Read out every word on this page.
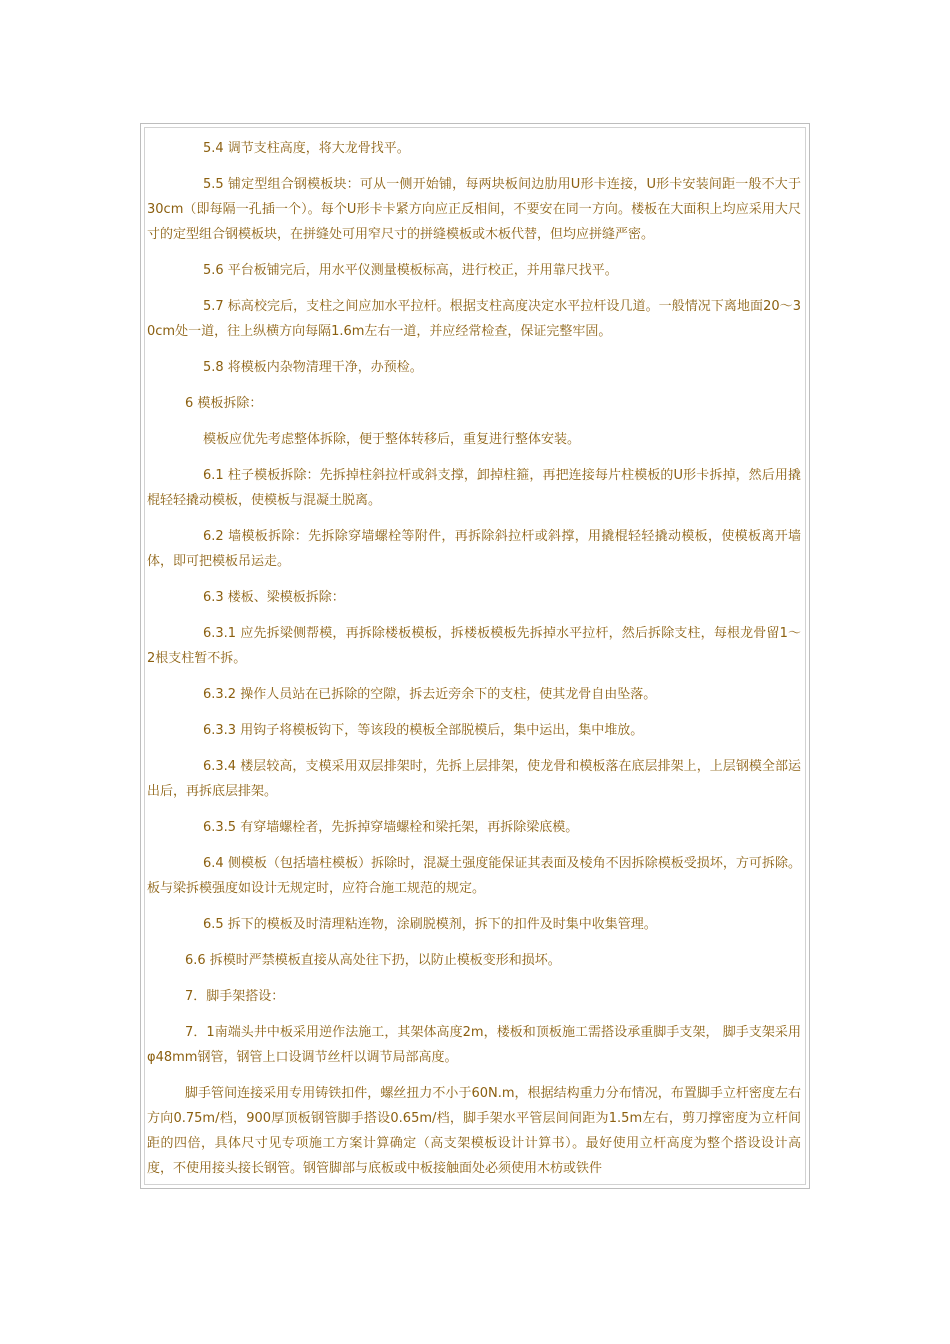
5.4 调节支柱高度，将大龙骨找平。

5.5 铺定型组合钢模板块：可从一侧开始铺，每两块板间边肋用U形卡连接，U形卡安装间距一般不大于30cm（即每隔一孔插一个）。每个U形卡卡紧方向应正反相间，不要安在同一方向。楼板在大面积上均应采用大尺寸的定型组合钢模板块，在拼缝处可用窄尺寸的拼缝模板或木板代替，但均应拼缝严密。

5.6 平台板铺完后，用水平仪测量模板标高，进行校正，并用靠尺找平。

5.7 标高校完后，支柱之间应加水平拉杆。根据支柱高度决定水平拉杆设几道。一般情况下离地面20～30cm处一道，往上纵横方向每隔1.6m左右一道，并应经常检查，保证完整牢固。

5.8 将模板内杂物清理干净，办预检。

6 模板拆除：

模板应优先考虑整体拆除，便于整体转移后，重复进行整体安装。

6.1 柱子模板拆除：先拆掉柱斜拉杆或斜支撑，卸掉柱箍，再把连接每片柱模板的U形卡拆掉，然后用撬棍轻轻撬动模板，使模板与混凝土脱离。

6.2 墙模板拆除：先拆除穿墙螺栓等附件，再拆除斜拉杆或斜撑，用撬棍轻轻撬动模板，使模板离开墙体，即可把模板吊运走。

6.3 楼板、梁模板拆除：

6.3.1 应先拆梁侧帮模，再拆除楼板模板，拆楼板模板先拆掉水平拉杆，然后拆除支柱，每根龙骨留1～2根支柱暂不拆。

6.3.2 操作人员站在已拆除的空隙，拆去近旁余下的支柱，使其龙骨自由坠落。

6.3.3 用钩子将模板钩下，等该段的模板全部脱模后，集中运出，集中堆放。

6.3.4 楼层较高，支模采用双层排架时，先拆上层排架，使龙骨和模板落在底层排架上，上层钢模全部运出后，再拆底层排架。

6.3.5 有穿墙螺栓者，先拆掉穿墙螺栓和梁托架，再拆除梁底模。

6.4 侧模板（包括墙柱模板）拆除时，混凝土强度能保证其表面及棱角不因拆除模板受损坏，方可拆除。板与梁拆模强度如设计无规定时，应符合施工规范的规定。

6.5 拆下的模板及时清理粘连物，涂刷脱模剂，拆下的扣件及时集中收集管理。

6.6 拆模时严禁模板直接从高处往下扔，以防止模板变形和损坏。

7．脚手架搭设：

7．1南端头井中板采用逆作法施工，其架体高度2m，楼板和顶板施工需搭设承重脚手支架， 脚手支架采用φ48mm钢管，钢管上口设调节丝杆以调节局部高度。

脚手管间连接采用专用铸铁扣件，螺丝扭力不小于60N.m，根据结构重力分布情况，布置脚手立杆密度左右方向0.75m/档，900厚顶板钢管脚手搭设0.65m/档，脚手架水平管层间间距为1.5m左右，剪刀撑密度为立杆间距的四倍，具体尺寸见专项施工方案计算确定（高支架模板设计计算书）。最好使用立杆高度为整个搭设设计高度，不使用接头接长钢管。钢管脚部与底板或中板接触面处必须使用木枋或铁件
